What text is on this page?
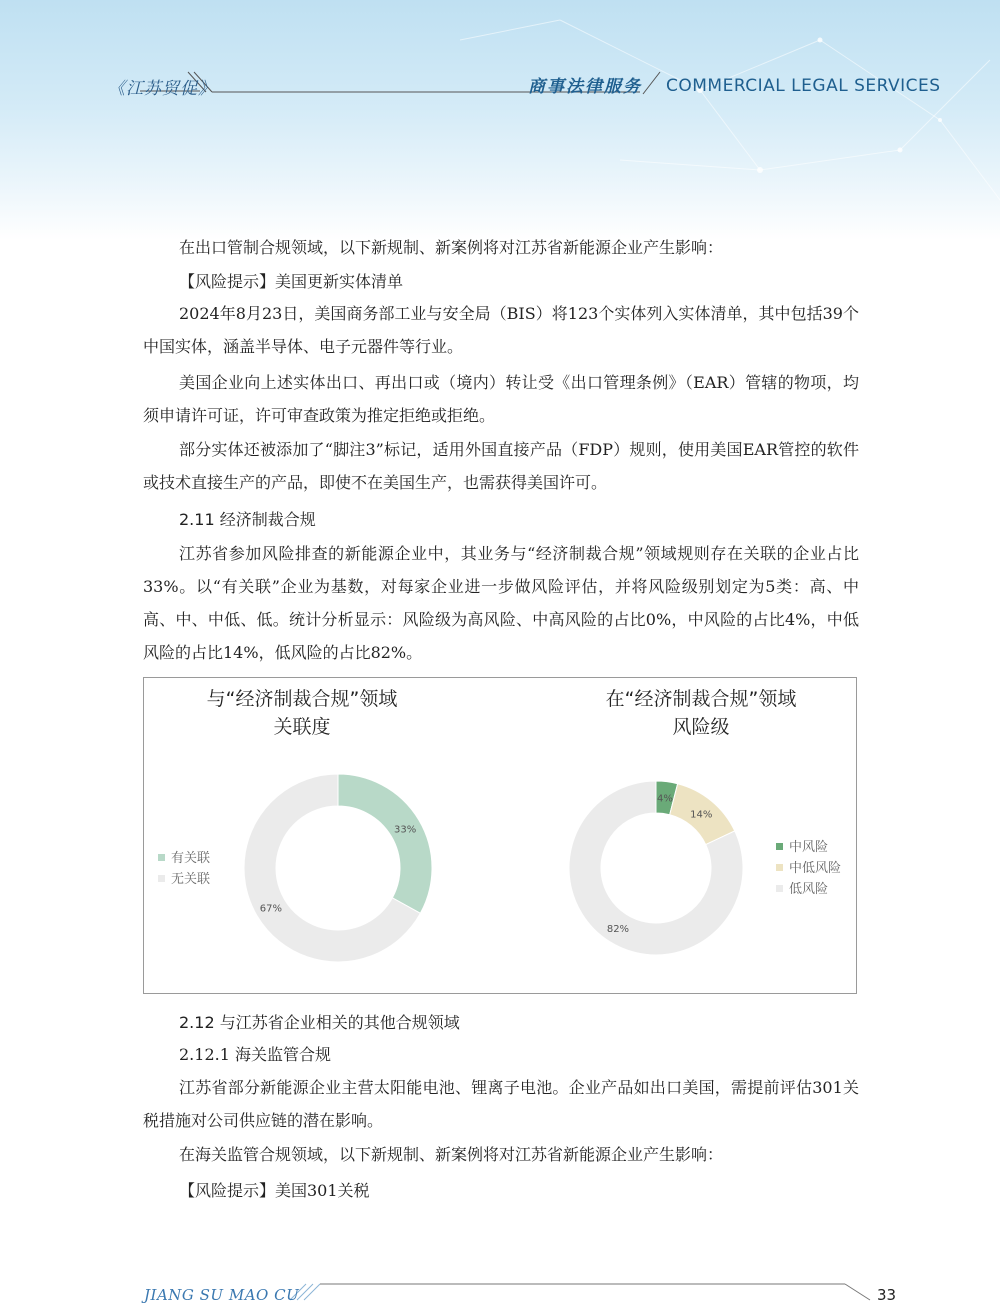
《江苏贸促》	商事法律服务 COMMERCIAL LEGAL SERVICES
在出口管制合规领域，以下新规制、新案例将对江苏省新能源企业产生影响：
【风险提示】美国更新实体清单
2024年8月23日，美国商务部工业与安全局（BIS）将123个实体列入实体清单，其中包括39个中国实体，涵盖半导体、电子元器件等行业。
美国企业向上述实体出口、再出口或（境内）转让受《出口管理条例》（EAR）管辖的物项，均须申请许可证，许可审查政策为推定拒绝或拒绝。
部分实体还被添加了“脚注3”标记，适用外国直接产品（FDP）规则，使用美国EAR管控的软件或技术直接生产的产品，即使不在美国生产，也需获得美国许可。
2.11 经济制裁合规
江苏省参加风险排查的新能源企业中，其业务与“经济制裁合规”领域规则存在关联的企业占比33%。以“有关联”企业为基数，对每家企业进一步做风险评估，并将风险级别划定为5类：高、中高、中、中低、低。统计分析显示：风险级为高风险、中高风险的占比0%，中风险的占比4%，中低风险的占比14%，低风险的占比82%。
与“经济制裁合规”领域
关联度
在“经济制裁合规”领域
风险级
33%
67%
4%
14%
82%
有关联
无关联
中风险
中低风险
低风险
2.12 与江苏省企业相关的其他合规领域
2.12.1 海关监管合规
江苏省部分新能源企业主营太阳能电池、锂离子电池。企业产品如出口美国，需提前评估301关税措施对公司供应链的潜在影响。
在海关监管合规领域，以下新规制、新案例将对江苏省新能源企业产生影响：
【风险提示】美国301关税
JIANG SU MAO CU	33
